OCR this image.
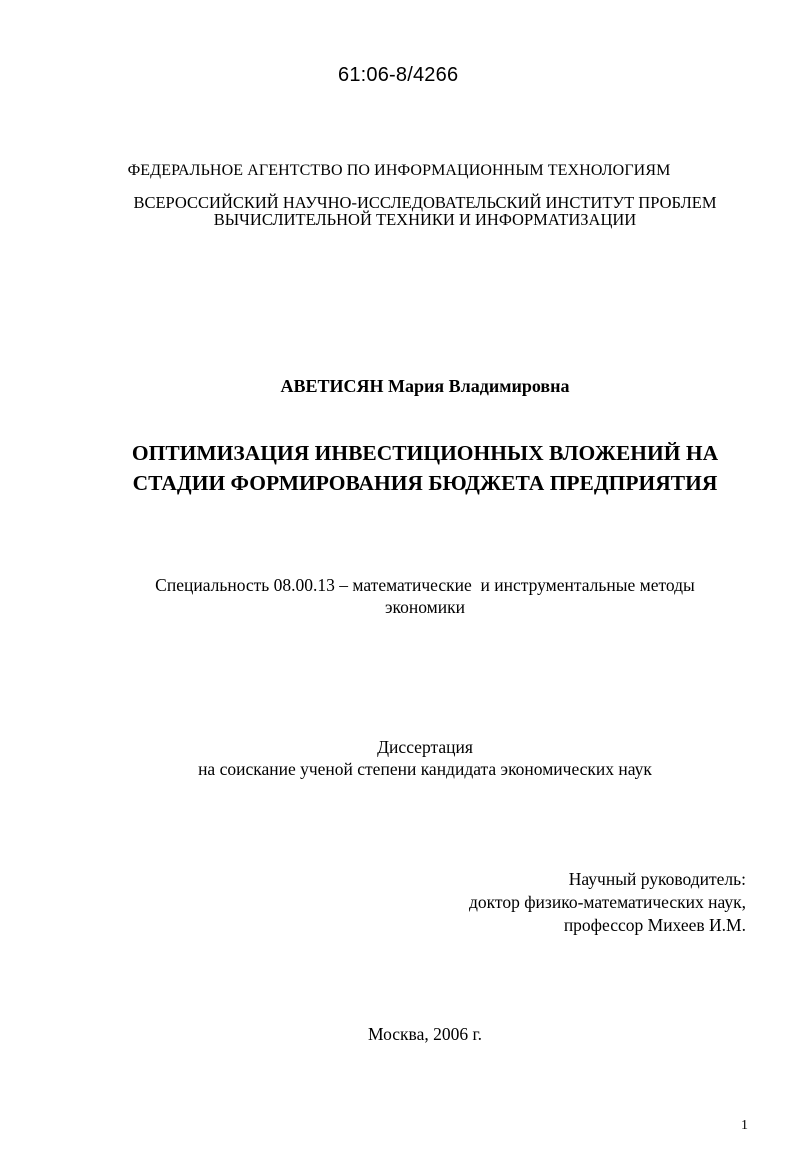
61:06-8/4266
ФЕДЕРАЛЬНОЕ АГЕНТСТВО ПО ИНФОРМАЦИОННЫМ ТЕХНОЛОГИЯМ
ВСЕРОССИЙСКИЙ НАУЧНО-ИССЛЕДОВАТЕЛЬСКИЙ ИНСТИТУТ ПРОБЛЕМ
ВЫЧИСЛИТЕЛЬНОЙ ТЕХНИКИ И ИНФОРМАТИЗАЦИИ
АВЕТИСЯН Мария Владимировна
ОПТИМИЗАЦИЯ ИНВЕСТИЦИОННЫХ ВЛОЖЕНИЙ НА
СТАДИИ ФОРМИРОВАНИЯ БЮДЖЕТА ПРЕДПРИЯТИЯ
Специальность 08.00.13 – математические  и инструментальные методы
экономики
Диссертация
на соискание ученой степени кандидата экономических наук
Научный руководитель:
доктор физико-математических наук,
профессор Михеев И.М.
Москва, 2006 г.
1
